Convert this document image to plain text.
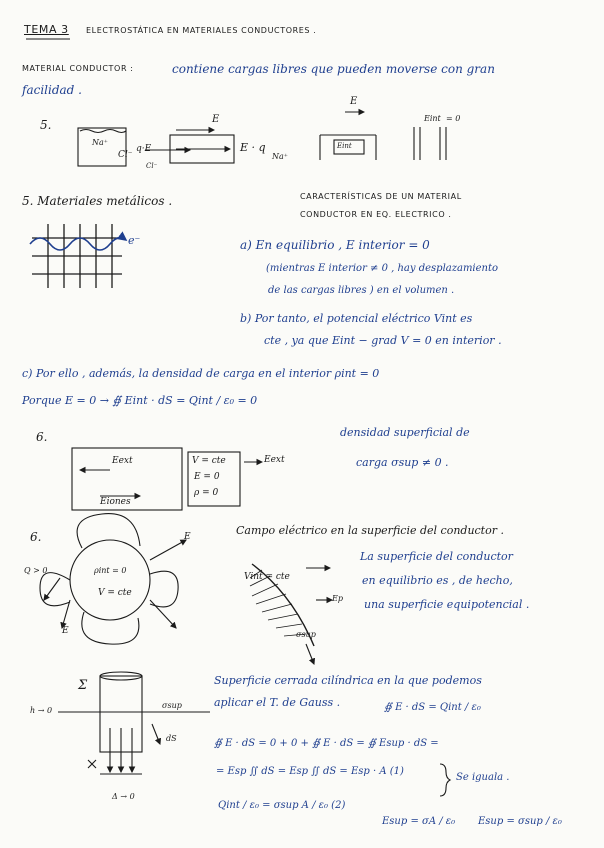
TEMA 3 ELECTROSTÁTICA EN MATERIALES CONDUCTORES .
MATERIAL CONDUCTOR :	contiene cargas libres que pueden moverse con gran
facilidad .
5.
Na⁺
Cl⁻
q·E
Cl⁻
E
E · q
Na⁺
E
Eint
Eint = 0
5. Materiales metálicos .
e⁻
CARACTERÍSTICAS DE UN MATERIAL
CONDUCTOR EN EQ. ELECTRICO .
a) En equilibrio , E interior = 0
(mientras E interior ≠ 0 , hay desplazamiento
de las cargas libres ) en el volumen .
b) Por tanto, el potencial eléctrico Vint es
cte , ya que Eint − grad V = 0 en interior .
c) Por ello , además, la densidad de carga en el interior ρint = 0
Porque E = 0 → ∯ Eint · dS = Qint / ε₀ = 0
6.
Eext
Eiones
V = cte
E = 0
ρ = 0
Eext
densidad superficial de
carga σsup ≠ 0 .
6.
Q > 0	ρint = 0
V = cte
E
E
Campo eléctrico en la superficie del conductor .
La superficie del conductor
en equilibrio es , de hecho,
una superficie equipotencial .
Vint = cte
Ep
σsup
Σ
h → 0
σsup
dS
Δ → 0
Superficie cerrada cilíndrica en la que podemos
aplicar el T. de Gauss .	∯ E · dS = Qint / ε₀
∯ E · dS = 0 + 0 + ∯ E · dS = ∯ Esup · dS =
= Esp ∬ dS = Esp ∬ dS = Esp · A (1)
Se iguala .
Qint / ε₀ = σsup A / ε₀ (2)
Esup = σA / ε₀ Esup = σsup / ε₀
